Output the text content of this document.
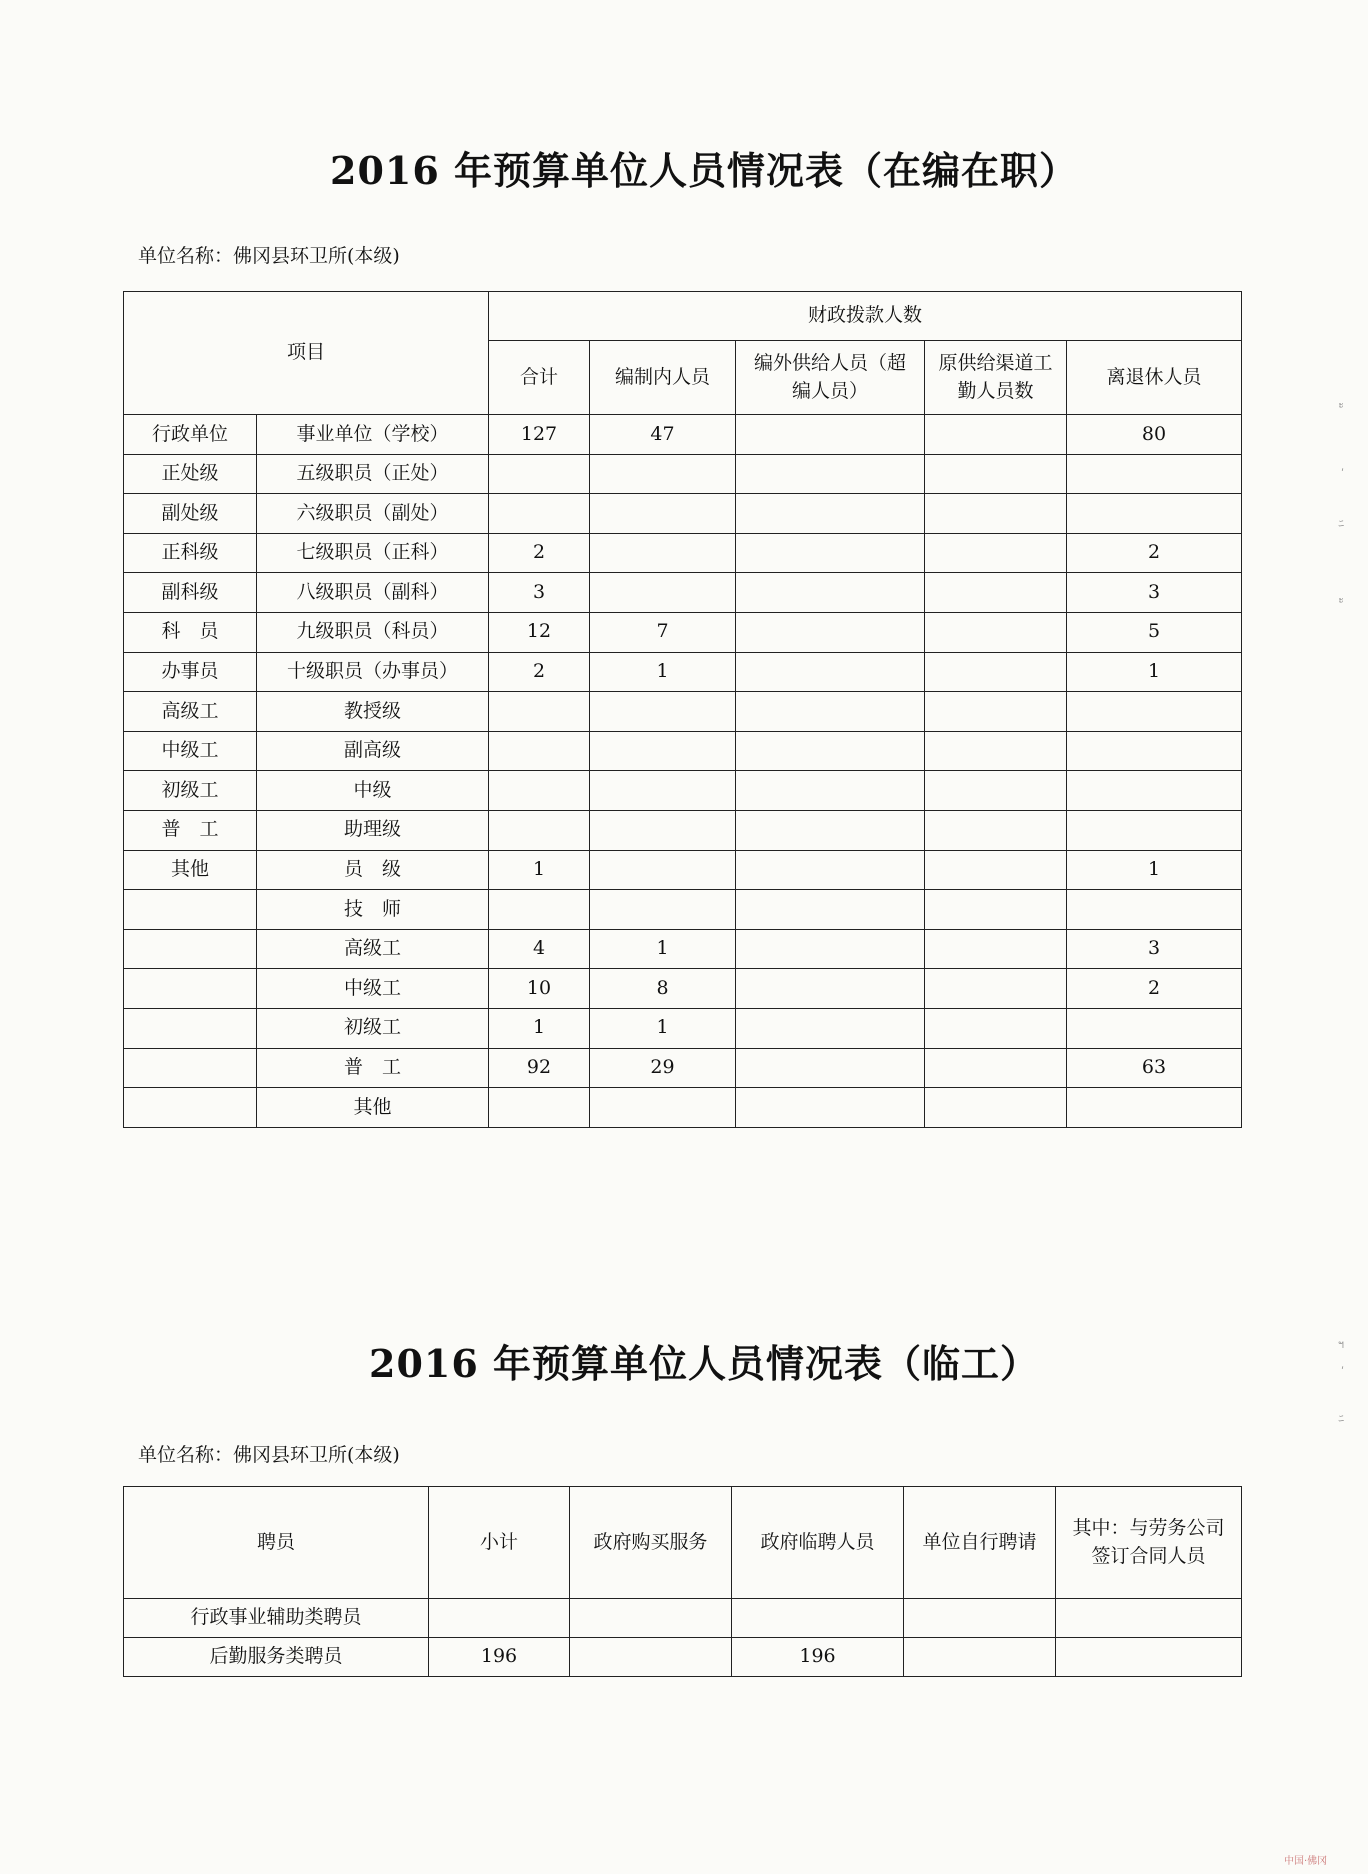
2016 年预算单位人员情况表（在编在职）
单位名称：佛冈县环卫所(本级)
项目		财政拨款人数				
		合计	编制内人员	编外供给人员（超编人员）	原供给渠道工勤人员数	离退休人员
行政单位	事业单位（学校）	127	47			80
正处级	五级职员（正处）					
副处级	六级职员（副处）					
正科级	七级职员（正科）	2				2
副科级	八级职员（副科）	3				3
科　员	九级职员（科员）	12	7			5
办事员	十级职员（办事员）	2	1			1
高级工	教授级					
中级工	副高级					
初级工	中级					
普　工	助理级					
其他	员　级	1				1
	技　师					
	高级工	4	1			3
	中级工	10	8			2
	初级工	1	1			
	普　工	92	29			63
	其他					
2016 年预算单位人员情况表（临工）
单位名称：佛冈县环卫所(本级)
聘员	小计	政府购买服务	政府临聘人员	单位自行聘请	其中：与劳务公司签订合同人员
行政事业辅助类聘员					
后勤服务类聘员	196		196		
ะ
ʹ
ﾆ
ะ
ฯ
ʹ
ﾆ
中国·佛冈
